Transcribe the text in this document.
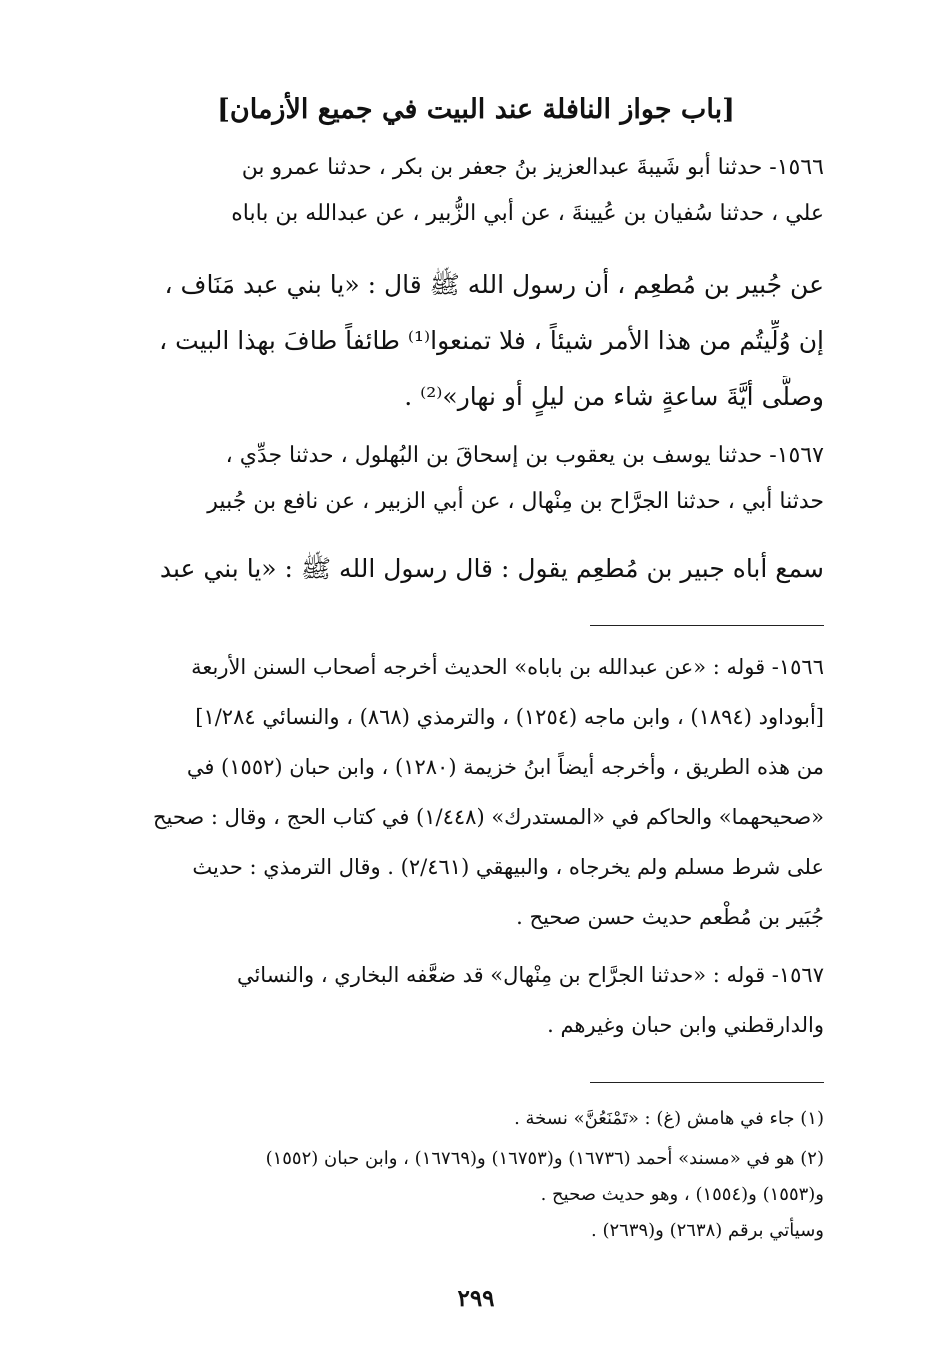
[باب جواز النافلة عند البيت في جميع الأزمان]
١٥٦٦- حدثنا أبو شَيبةَ عبدالعزيز بنُ جعفر بن بكر ، حدثنا عمرو بن
علي ، حدثنا سُفيان بن عُيينةَ ، عن أبي الزُّبير ، عن عبدالله بن باباه
عن جُبير بن مُطعِم ، أن رسول الله ﷺ قال : «يا بني عبد مَنَاف ،
إن وُلِّيتُم من هذا الأمر شيئاً ، فلا تمنعوا⁽¹⁾ طائفاً طافَ بهذا البيت ،
وصلَّى أيَّةَ ساعةٍ شاء من ليلٍ أو نهار»⁽²⁾ .
١٥٦٧- حدثنا يوسف بن يعقوب بن إسحاقَ بن البُهلول ، حدثنا جدِّي ،
حدثنا أبي ، حدثنا الجرَّاح بن مِنْهال ، عن أبي الزبير ، عن نافع بن جُبير
سمع أباه جبير بن مُطعِم يقول : قال رسول الله ﷺ : «يا بني عبد
١٥٦٦- قوله : «عن عبدالله بن باباه» الحديث أخرجه أصحاب السنن الأربعة
[أبوداود (١٨٩٤) ، وابن ماجه (١٢٥٤) ، والترمذي (٨٦٨) ، والنسائي ١/٢٨٤]
من هذه الطريق ، وأخرجه أيضاً ابنُ خزيمة (١٢٨٠) ، وابن حبان (١٥٥٢) في
«صحيحهما» والحاكم في «المستدرك» (١/٤٤٨) في كتاب الحج ، وقال : صحيح
على شرط مسلم ولم يخرجاه ، والبيهقي (٢/٤٦١) . وقال الترمذي : حديث
جُبَير بن مُطْعم حديث حسن صحيح .
١٥٦٧- قوله : «حدثنا الجرَّاح بن مِنْهال» قد ضعَّفه البخاري ، والنسائي
والدارقطني وابن حبان وغيرهم .
(١) جاء في هامش (غ) : «تَمْنَعُنَّ» نسخة .
(٢) هو في «مسند» أحمد (١٦٧٣٦) و(١٦٧٥٣) و(١٦٧٦٩) ، وابن حبان (١٥٥٢)
و(١٥٥٣) و(١٥٥٤) ، وهو حديث صحيح .
وسيأتي برقم (٢٦٣٨) و(٢٦٣٩) .
٢٩٩
